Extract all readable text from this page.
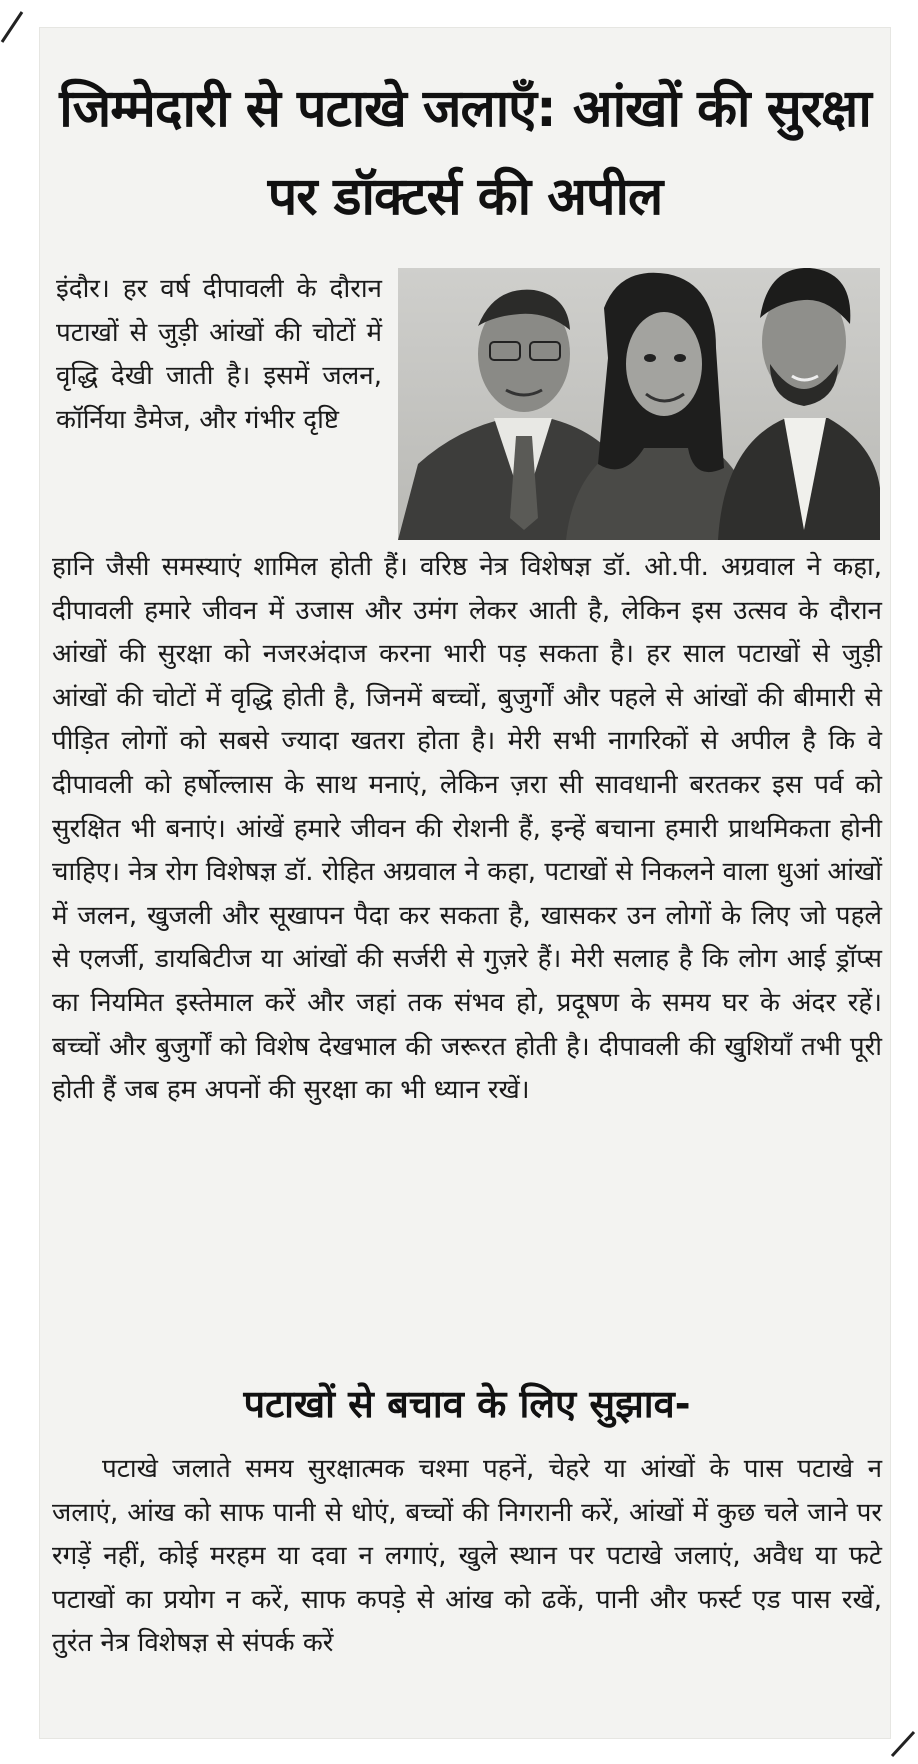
जिम्मेदारी से पटाखे जलाएँ: आंखों की सुरक्षा पर डॉक्टर्स की अपील

इंदौर। हर वर्ष दीपावली के दौरान पटाखों से जुड़ी आंखों की चोटों में वृद्धि देखी जाती है। इसमें जलन, कॉर्निया डैमेज, और गंभीर दृष्टि

हानि जैसी समस्याएं शामिल होती हैं। वरिष्ठ नेत्र विशेषज्ञ डॉ. ओ.पी. अग्रवाल ने कहा, दीपावली हमारे जीवन में उजास और उमंग लेकर आती है, लेकिन इस उत्सव के दौरान आंखों की सुरक्षा को नजरअंदाज करना भारी पड़ सकता है। हर साल पटाखों से जुड़ी आंखों की चोटों में वृद्धि होती है, जिनमें बच्चों, बुजुर्गों और पहले से आंखों की बीमारी से पीड़ित लोगों को सबसे ज्यादा खतरा होता है। मेरी सभी नागरिकों से अपील है कि वे दीपावली को हर्षोल्लास के साथ मनाएं, लेकिन ज़रा सी सावधानी बरतकर इस पर्व को सुरक्षित भी बनाएं। आंखें हमारे जीवन की रोशनी हैं, इन्हें बचाना हमारी प्राथमिकता होनी चाहिए। नेत्र रोग विशेषज्ञ डॉ. रोहित अग्रवाल ने कहा, पटाखों से निकलने वाला धुआं आंखों में जलन, खुजली और सूखापन पैदा कर सकता है, खासकर उन लोगों के लिए जो पहले से एलर्जी, डायबिटीज या आंखों की सर्जरी से गुज़रे हैं। मेरी सलाह है कि लोग आई ड्रॉप्स का नियमित इस्तेमाल करें और जहां तक संभव हो, प्रदूषण के समय घर के अंदर रहें। बच्चों और बुजुर्गों को विशेष देखभाल की जरूरत होती है। दीपावली की खुशियाँ तभी पूरी होती हैं जब हम अपनों की सुरक्षा का भी ध्यान रखें।

पटाखों से बचाव के लिए सुझाव-

पटाखे जलाते समय सुरक्षात्मक चश्मा पहनें, चेहरे या आंखों के पास पटाखे न जलाएं, आंख को साफ पानी से धोएं, बच्चों की निगरानी करें, आंखों में कुछ चले जाने पर रगड़ें नहीं, कोई मरहम या दवा न लगाएं, खुले स्थान पर पटाखे जलाएं, अवैध या फटे पटाखों का प्रयोग न करें, साफ कपड़े से आंख को ढकें, पानी और फर्स्ट एड पास रखें, तुरंत नेत्र विशेषज्ञ से संपर्क करें
